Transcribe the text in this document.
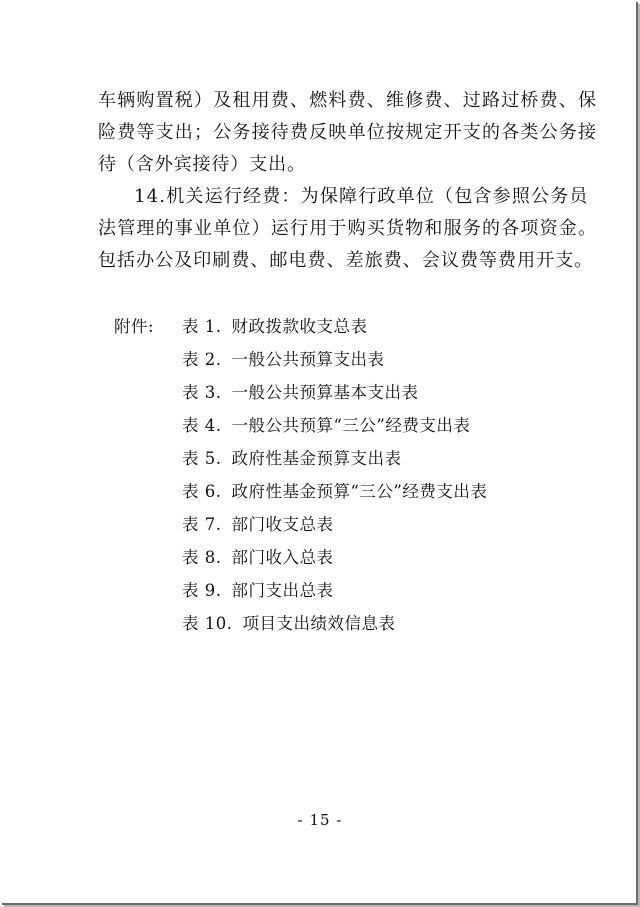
车辆购置税）及租用费、燃料费、维修费、过路过桥费、保
险费等支出；公务接待费反映单位按规定开支的各类公务接
待（含外宾接待）支出。
14.机关运行经费：为保障行政单位（包含参照公务员
法管理的事业单位）运行用于购买货物和服务的各项资金。
包括办公及印刷费、邮电费、差旅费、会议费等费用开支。
附件: 表 1. 财政拨款收支总表
表 2. 一般公共预算支出表
表 3. 一般公共预算基本支出表
表 4. 一般公共预算“三公”经费支出表
表 5. 政府性基金预算支出表
表 6. 政府性基金预算“三公”经费支出表
表 7. 部门收支总表
表 8. 部门收入总表
表 9. 部门支出总表
表 10. 项目支出绩效信息表
- 15 -
